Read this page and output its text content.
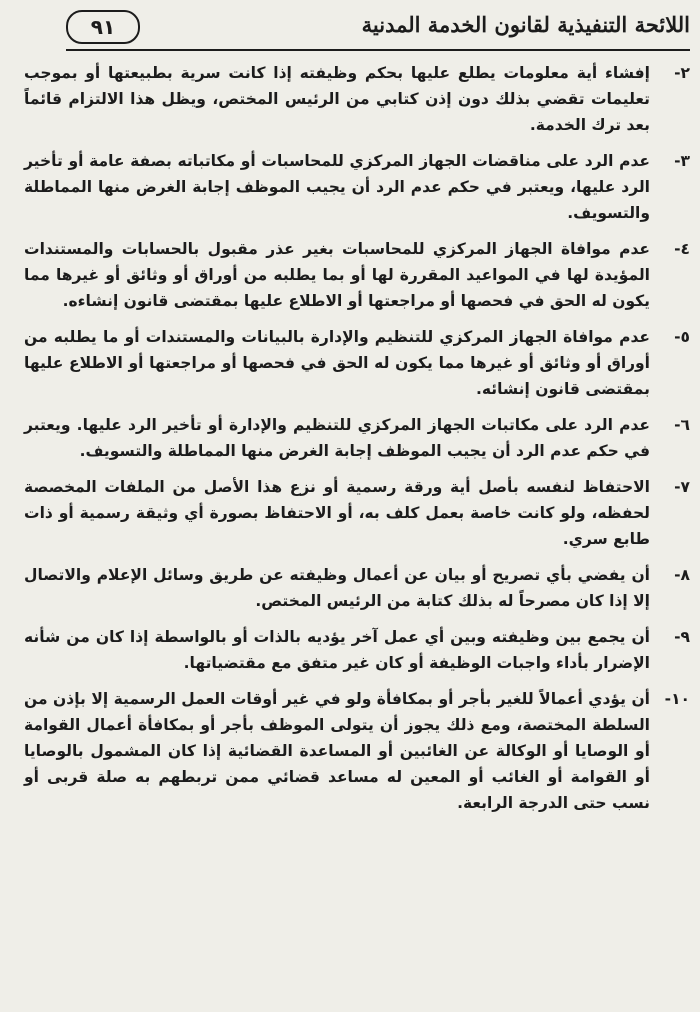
اللائحة التنفيذية لقانون الخدمة المدنية
٩١
٢-
إفشاء أية معلومات يطلع عليها بحكم وظيفته إذا كانت سرية بطبيعتها أو بموجب تعليمات تقضي بذلك دون إذن كتابي من الرئيس المختص، ويظل هذا الالتزام قائماً بعد ترك الخدمة.
٣-
عدم الرد على مناقضات الجهاز المركزي للمحاسبات أو مكاتباته بصفة عامة أو تأخير الرد عليها، ويعتبر في حكم عدم الرد أن يجيب الموظف إجابة الغرض منها المماطلة والتسويف.
٤-
عدم موافاة الجهاز المركزي للمحاسبات بغير عذر مقبول بالحسابات والمستندات المؤيدة لها في المواعيد المقررة لها أو بما يطلبه من أوراق أو وثائق أو غيرها مما يكون له الحق في فحصها أو مراجعتها أو الاطلاع عليها بمقتضى قانون إنشاءه.
٥-
عدم موافاة الجهاز المركزي للتنظيم والإدارة بالبيانات والمستندات أو ما يطلبه من أوراق أو وثائق أو غيرها مما يكون له الحق في فحصها أو مراجعتها أو الاطلاع عليها بمقتضى قانون إنشائه.
٦-
عدم الرد على مكاتبات الجهاز المركزي للتنظيم والإدارة أو تأخير الرد عليها. ويعتبر في حكم عدم الرد أن يجيب الموظف إجابة الغرض منها المماطلة والتسويف.
٧-
الاحتفاظ لنفسه بأصل أية ورقة رسمية أو نزع هذا الأصل من الملفات المخصصة لحفظه، ولو كانت خاصة بعمل كلف به، أو الاحتفاظ بصورة أي وثيقة رسمية أو ذات طابع سري.
٨-
أن يفضي بأي تصريح أو بيان عن أعمال وظيفته عن طريق وسائل الإعلام والاتصال إلا إذا كان مصرحاً له بذلك كتابة من الرئيس المختص.
٩-
أن يجمع بين وظيفته وبين أي عمل آخر يؤديه بالذات أو بالواسطة إذا كان من شأنه الإضرار بأداء واجبات الوظيفة أو كان غير متفق مع مقتضياتها.
١٠-
أن يؤدي أعمالاً للغير بأجر أو بمكافأة ولو في غير أوقات العمل الرسمية إلا بإذن من السلطة المختصة، ومع ذلك يجوز أن يتولى الموظف بأجر أو بمكافأة أعمال القوامة أو الوصايا أو الوكالة عن الغائبين أو المساعدة القضائية إذا كان المشمول بالوصايا أو القوامة أو الغائب أو المعين له مساعد قضائي ممن تربطهم به صلة قربى أو نسب حتى الدرجة الرابعة.
